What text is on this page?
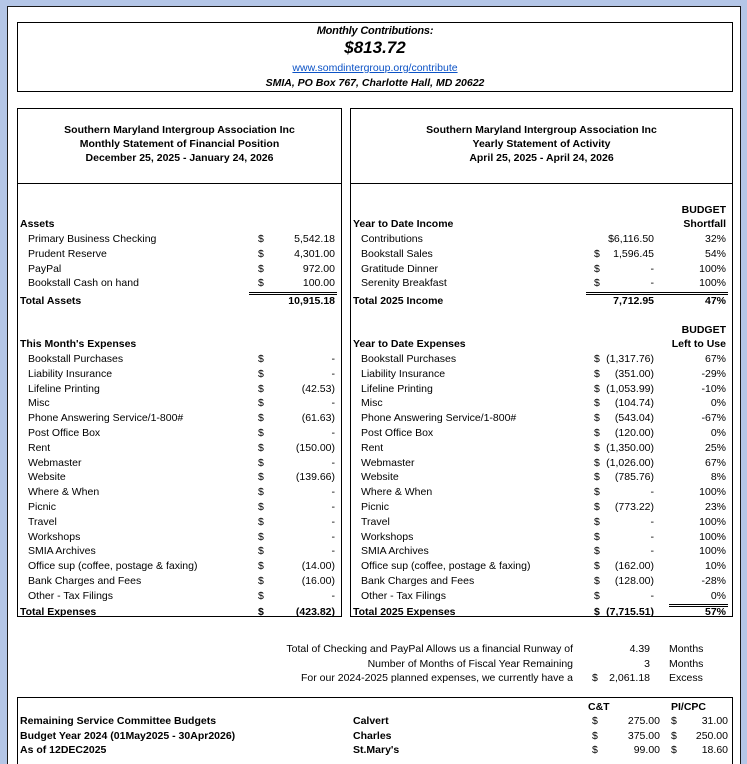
Monthly Contributions:
$813.72
www.somdintergroup.org/contribute
SMIA, PO Box 767, Charlotte Hall, MD 20622
Southern Maryland Intergroup Association Inc
Monthly Statement of Financial Position
December 25, 2025 - January 24, 2026
Southern Maryland Intergroup Association Inc
Yearly Statement of Activity
April 25, 2025 - April 24, 2026
Assets
Primary Business Checking	$	5,542.18
Prudent Reserve	$	4,301.00
PayPal	$	972.00
Bookstall Cash on hand	$	100.00
Total Assets	10,915.18
This Month's Expenses
Bookstall Purchases	$	-
Liability Insurance	$	-
Lifeline Printing	$	(42.53)
Misc	$	-
Phone Answering Service/1-800#	$	(61.63)
Post Office Box	$	-
Rent	$	(150.00)
Webmaster	$	-
Website	$	(139.66)
Where & When	$	-
Picnic	$	-
Travel	$	-
Workshops	$	-
SMIA Archives	$	-
Office sup (coffee, postage & faxing)	$	(14.00)
Bank Charges and Fees	$	(16.00)
Other - Tax Filings	$	-
Total Expenses	$	(423.82)
BUDGET
Shortfall
Year to Date Income
Contributions	$6,116.50	32%
Bookstall Sales	$ 1,596.45	54%
Gratitude Dinner	$	-	100%
Serenity Breakfast	$	-	100%
Total 2025 Income	7,712.95	47%
BUDGET
Left to Use
Year to Date Expenses
Bookstall Purchases	$ (1,317.76)	67%
Liability Insurance	$ (351.00)	-29%
Lifeline Printing	$ (1,053.99)	-10%
Misc	$ (104.74)	0%
Phone Answering Service/1-800#	$ (543.04)	-67%
Post Office Box	$ (120.00)	0%
Rent	$ (1,350.00)	25%
Webmaster	$ (1,026.00)	67%
Website	$ (785.76)	8%
Where & When	$	-	100%
Picnic	$ (773.22)	23%
Travel	$	-	100%
Workshops	$	-	100%
SMIA Archives	$	-	100%
Office sup (coffee, postage & faxing)	$ (162.00)	10%
Bank Charges and Fees	$ (128.00)	-28%
Other - Tax Filings	$	-	0%
Total 2025 Expenses	$ (7,715.51)	57%
Total of Checking and PayPal Allows us a financial Runway of	4.39 Months
Number of Months of Fiscal Year Remaining	3 Months
For our 2024-2025 planned expenses, we currently have a $	2,061.18 Excess
C&T	PI/CPC
Remaining Service Committee Budgets	Calvert	$	275.00 $	31.00
Budget Year 2024 (01May2025 - 30Apr2026)	Charles	$	375.00 $	250.00
As of 12DEC2025	St.Mary's	$	99.00 $	18.60
